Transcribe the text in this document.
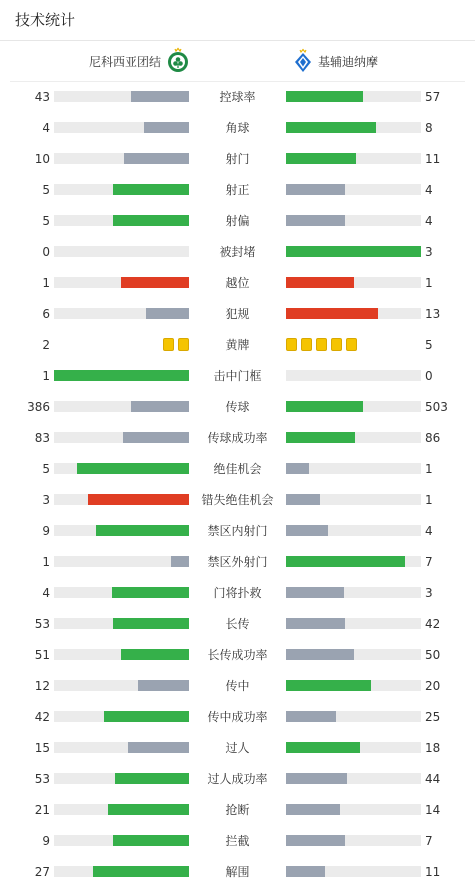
技术统计
尼科西亚团结	基辅迪纳摩
43	控球率	57
4	角球	8
10	射门	11
5	射正	4
5	射偏	4
0	被封堵	3
1	越位	1
6	犯规	13
2	黄牌	5
1	击中门框	0
386	传球	503
83	传球成功率	86
5	绝佳机会	1
3	错失绝佳机会	1
9	禁区内射门	4
1	禁区外射门	7
4	门将扑救	3
53	长传	42
51	长传成功率	50
12	传中	20
42	传中成功率	25
15	过人	18
53	过人成功率	44
21	抢断	14
9	拦截	7
27	解围	11
